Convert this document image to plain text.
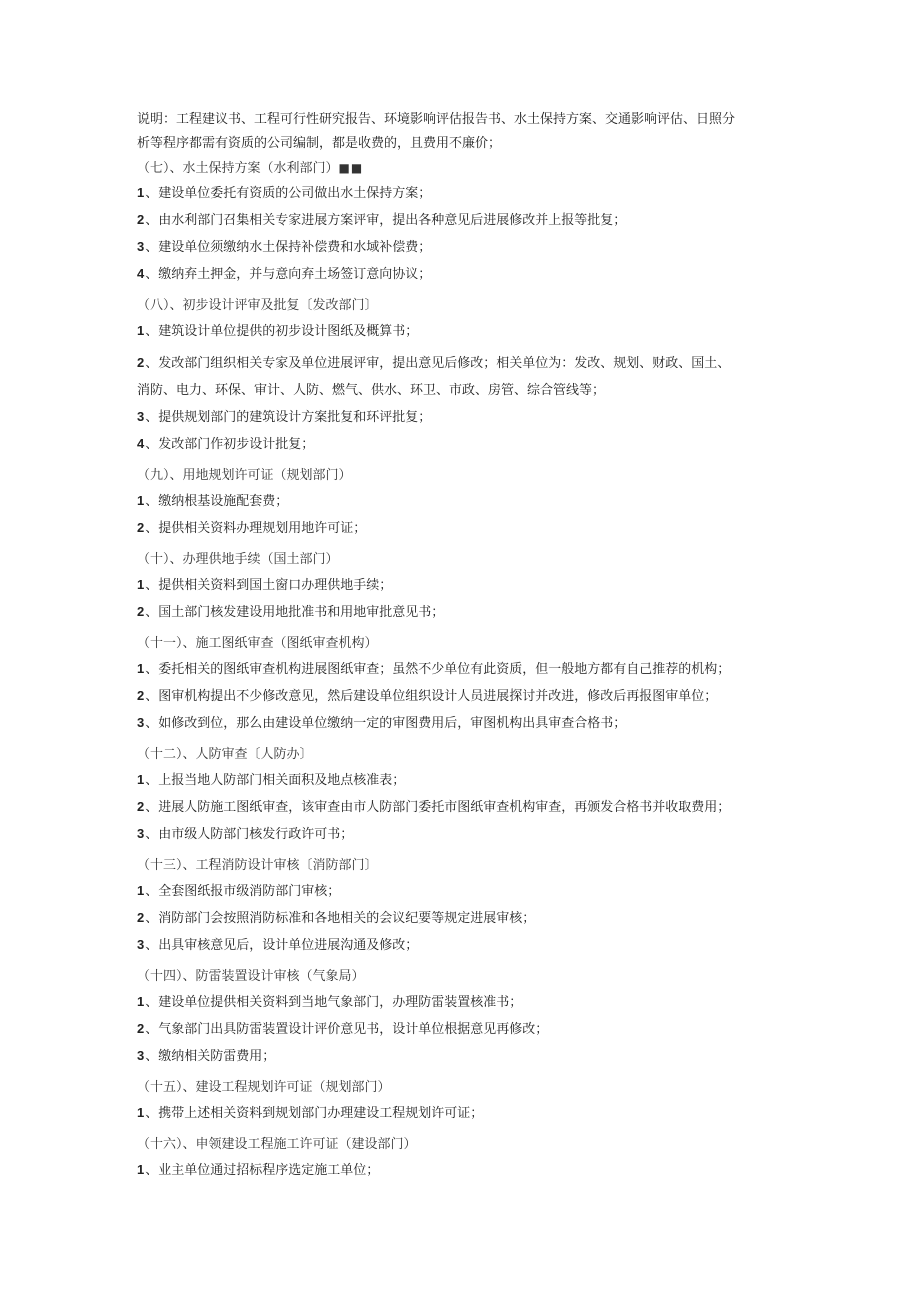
说明：工程建议书、工程可行性研究报告、环境影响评估报告书、水土保持方案、交通影响评估、日照分
析等程序都需有资质的公司编制，都是收费的，且费用不廉价；
（七）、水土保持方案（水利部门）■■
1、建设单位委托有资质的公司做出水土保持方案；
2、由水利部门召集相关专家进展方案评审，提出各种意见后进展修改并上报等批复；
3、建设单位须缴纳水土保持补偿费和水域补偿费；
4、缴纳弃土押金，并与意向弃土场签订意向协议；
（八）、初步设计评审及批复〔发改部门〕
1、建筑设计单位提供的初步设计图纸及概算书；
2、发改部门组织相关专家及单位进展评审，提出意见后修改；相关单位为：发改、规划、财政、国土、
消防、电力、环保、审计、人防、燃气、供水、环卫、市政、房管、综合管线等；
3、提供规划部门的建筑设计方案批复和环评批复；
4、发改部门作初步设计批复；
（九）、用地规划许可证（规划部门）
1、缴纳根基设施配套费；
2、提供相关资料办理规划用地许可证；
（十）、办理供地手续（国土部门）
1、提供相关资料到国土窗口办理供地手续；
2、国土部门核发建设用地批准书和用地审批意见书；
（十一）、施工图纸审查（图纸审查机构）
1、委托相关的图纸审查机构进展图纸审查；虽然不少单位有此资质，但一般地方都有自己推荐的机构；
2、图审机构提出不少修改意见，然后建设单位组织设计人员进展探讨并改进，修改后再报图审单位；
3、如修改到位，那么由建设单位缴纳一定的审图费用后，审图机构出具审查合格书；
（十二）、人防审查〔人防办〕
1、上报当地人防部门相关面积及地点核准表；
2、进展人防施工图纸审查，该审查由市人防部门委托市图纸审查机构审查，再颁发合格书并收取费用；
3、由市级人防部门核发行政许可书；
（十三）、工程消防设计审核〔消防部门〕
1、全套图纸报市级消防部门审核；
2、消防部门会按照消防标准和各地相关的会议纪要等规定进展审核；
3、出具审核意见后，设计单位进展沟通及修改；
（十四）、防雷装置设计审核（气象局）
1、建设单位提供相关资料到当地气象部门，办理防雷装置核准书；
2、气象部门出具防雷装置设计评价意见书，设计单位根据意见再修改；
3、缴纳相关防雷费用；
（十五）、建设工程规划许可证（规划部门）
1、携带上述相关资料到规划部门办理建设工程规划许可证；
（十六）、申领建设工程施工许可证（建设部门）
1、业主单位通过招标程序选定施工单位；
